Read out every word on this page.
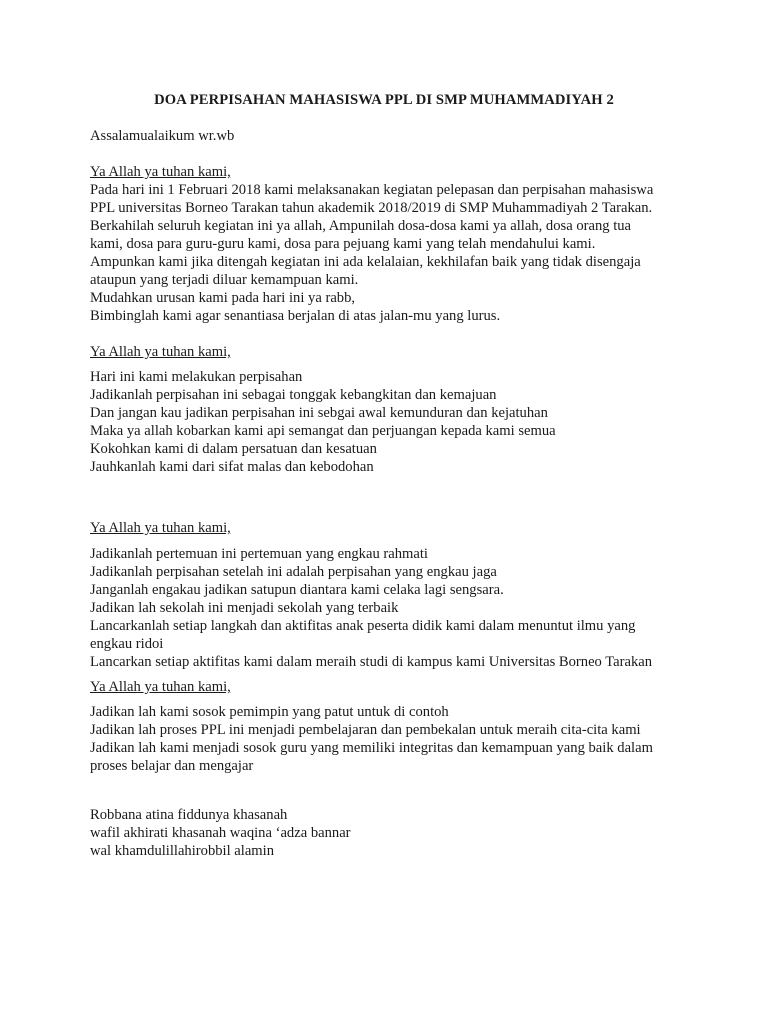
DOA PERPISAHAN MAHASISWA PPL DI SMP MUHAMMADIYAH 2
Assalamualaikum wr.wb
Ya Allah ya tuhan kami,
Pada hari ini 1 Februari 2018 kami melaksanakan kegiatan pelepasan dan perpisahan mahasiswa
PPL universitas Borneo Tarakan tahun akademik 2018/2019 di SMP Muhammadiyah 2 Tarakan.
Berkahilah seluruh kegiatan ini ya allah, Ampunilah dosa-dosa kami ya allah, dosa orang tua
kami, dosa para guru-guru kami, dosa para pejuang kami yang telah mendahului kami.
Ampunkan kami jika ditengah kegiatan ini ada kelalaian, kekhilafan baik yang tidak disengaja
ataupun yang terjadi diluar kemampuan kami.
Mudahkan urusan kami pada hari ini ya rabb,
Bimbinglah kami agar senantiasa berjalan di atas jalan-mu yang lurus.
Ya Allah ya tuhan kami,
Hari ini kami melakukan perpisahan
Jadikanlah perpisahan ini sebagai tonggak kebangkitan dan kemajuan
Dan jangan kau jadikan perpisahan ini sebgai awal kemunduran dan kejatuhan
Maka ya allah kobarkan kami api semangat dan perjuangan kepada kami semua
Kokohkan kami di dalam persatuan dan kesatuan
Jauhkanlah kami dari sifat malas dan kebodohan
Ya Allah ya tuhan kami,
Jadikanlah pertemuan ini pertemuan yang engkau rahmati
Jadikanlah perpisahan setelah ini adalah perpisahan yang engkau jaga
Janganlah engakau jadikan satupun diantara kami celaka lagi sengsara.
Jadikan lah sekolah ini menjadi sekolah yang terbaik
Lancarkanlah setiap langkah dan aktifitas anak peserta didik kami dalam menuntut ilmu yang
engkau ridoi
Lancarkan setiap aktifitas kami dalam meraih studi di kampus kami Universitas Borneo Tarakan
Ya Allah ya tuhan kami,
Jadikan lah kami sosok pemimpin yang patut untuk di contoh
Jadikan lah proses PPL ini menjadi pembelajaran dan pembekalan untuk meraih cita-cita kami
Jadikan lah kami menjadi sosok guru yang memiliki integritas dan kemampuan yang baik dalam
proses belajar dan mengajar
Robbana atina fiddunya khasanah
wafil akhirati khasanah waqina ‘adza bannar
wal khamdulillahirobbil alamin
